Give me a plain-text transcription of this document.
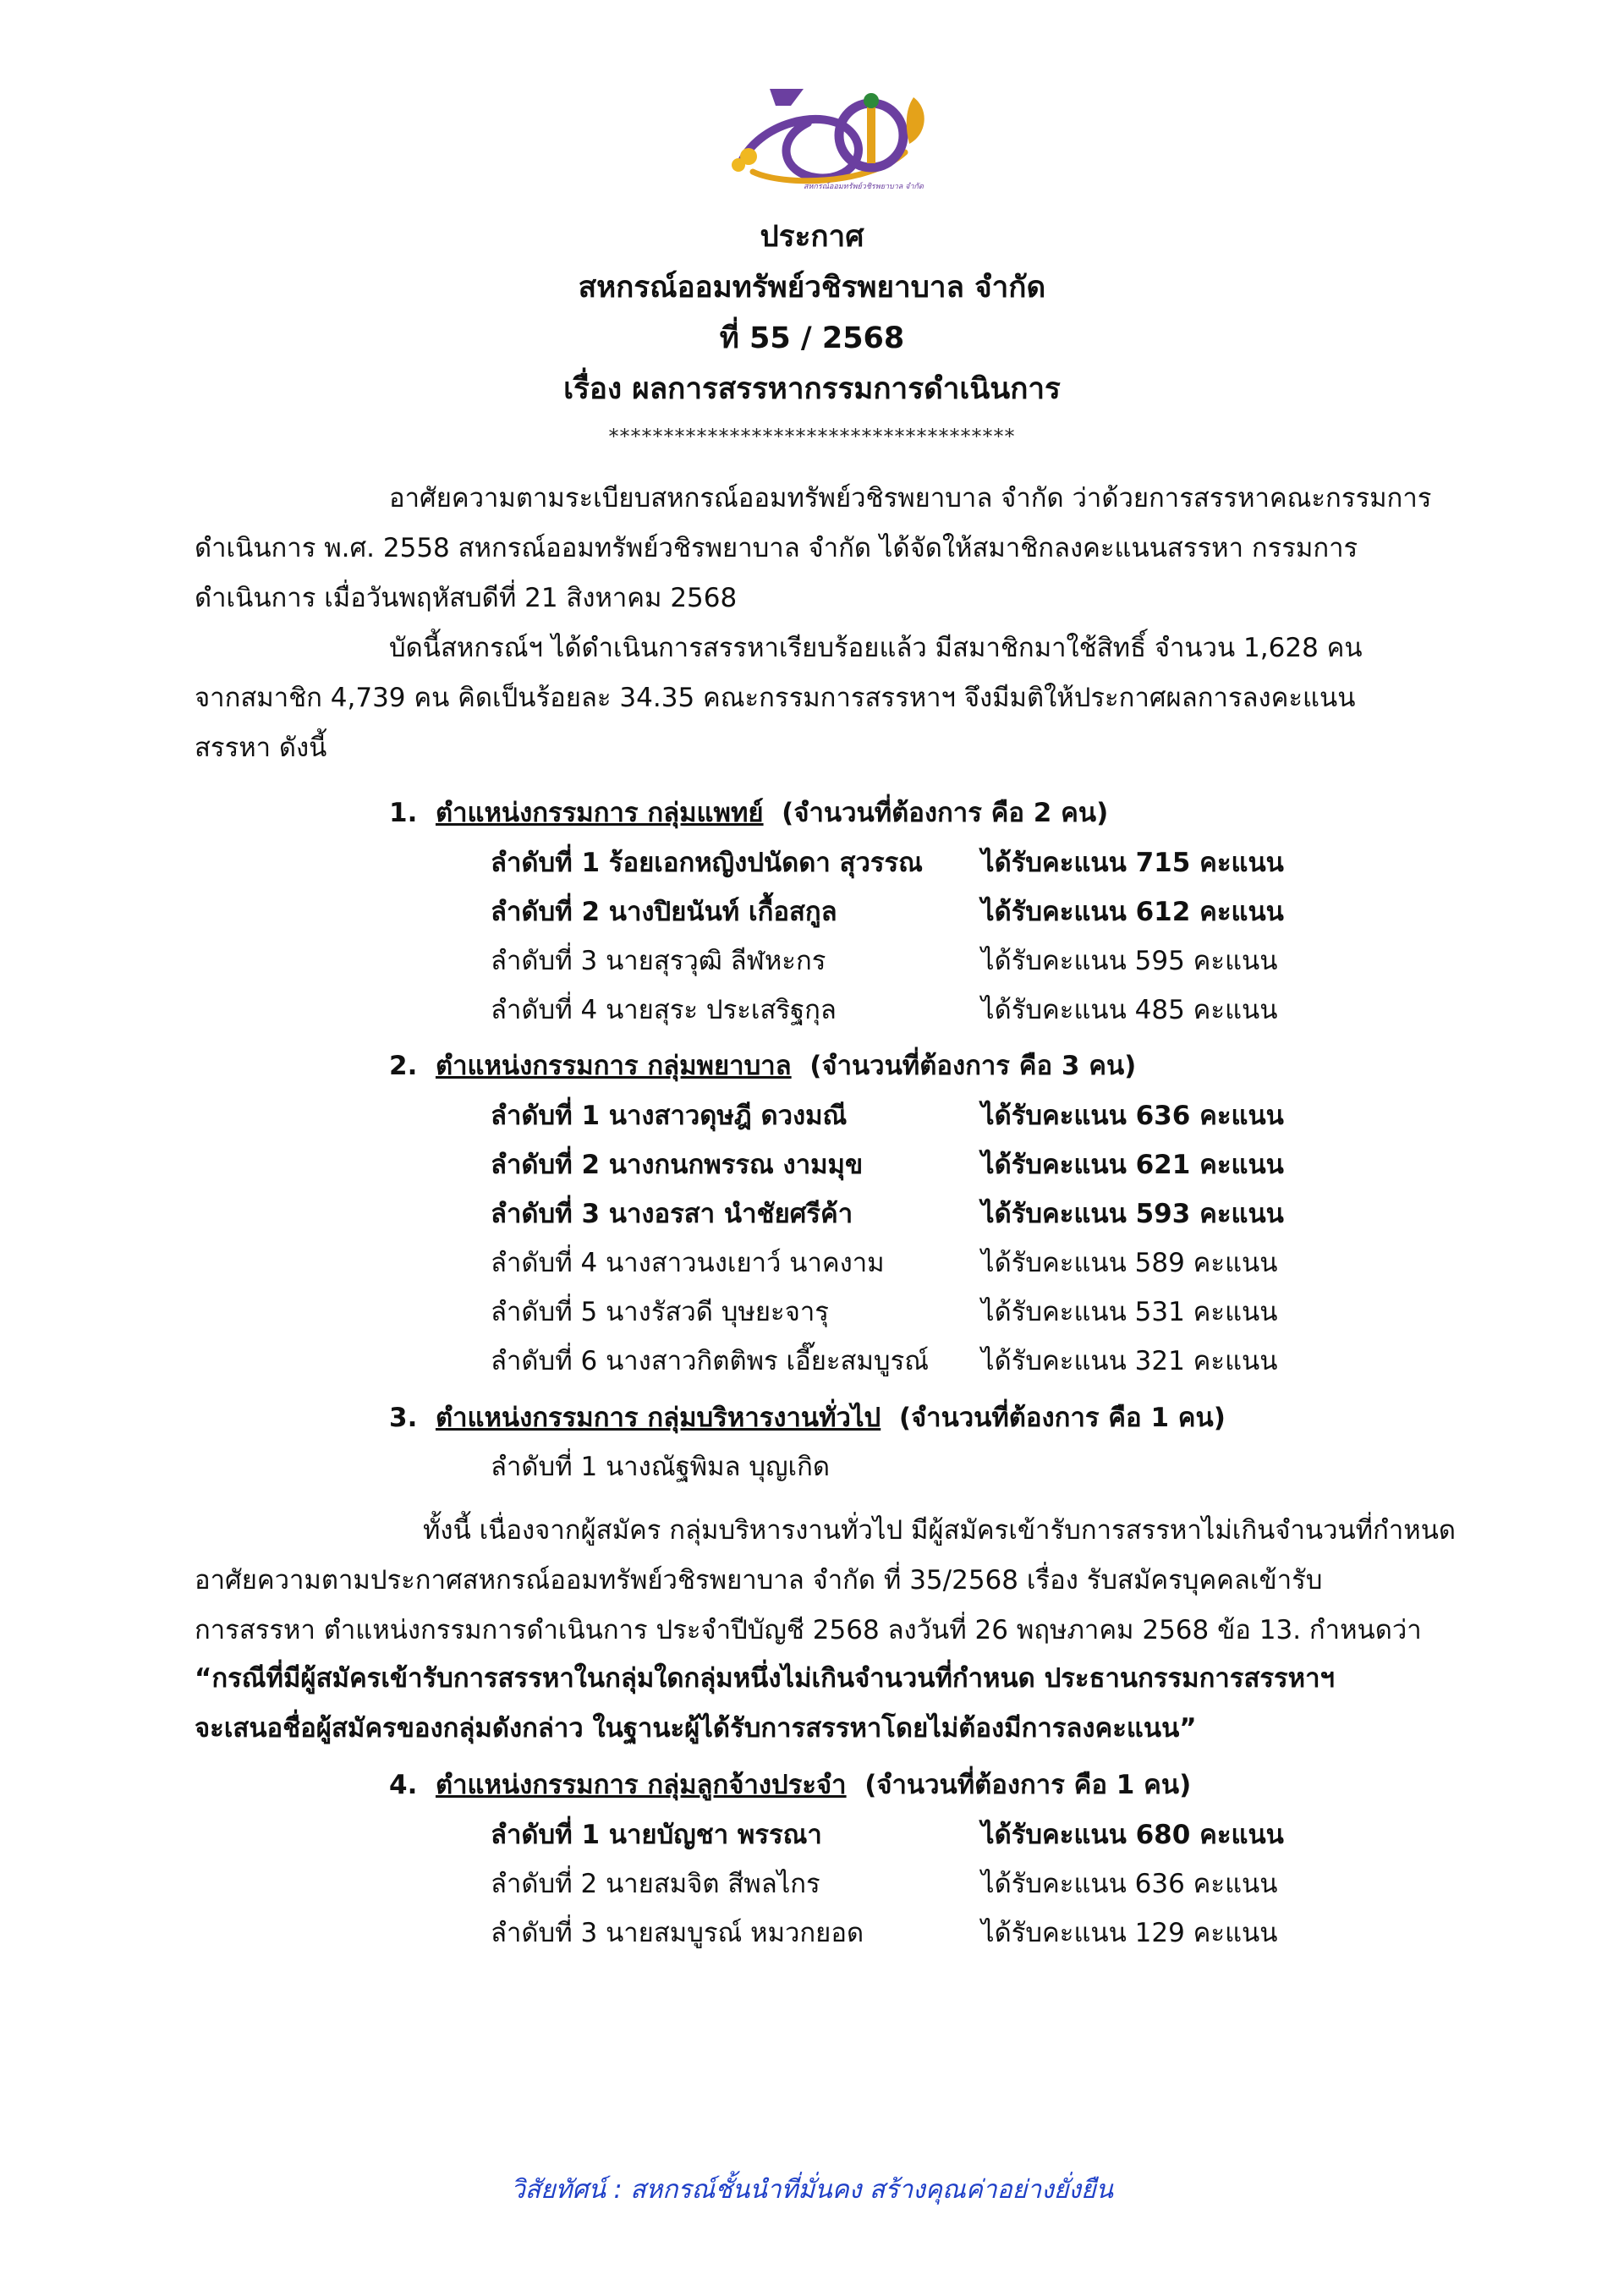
สหกรณ์ออมทรัพย์วชิรพยาบาล จำกัด
ประกาศ
สหกรณ์ออมทรัพย์วชิรพยาบาล จำกัด
ที่ 55 / 2568
เรื่อง ผลการสรรหากรรมการดำเนินการ
*************************************
อาศัยความตามระเบียบสหกรณ์ออมทรัพย์วชิรพยาบาล จำกัด ว่าด้วยการสรรหาคณะกรรมการ
ดำเนินการ พ.ศ. 2558 สหกรณ์ออมทรัพย์วชิรพยาบาล จำกัด ได้จัดให้สมาชิกลงคะแนนสรรหา กรรมการ
ดำเนินการ เมื่อวันพฤหัสบดีที่ 21 สิงหาคม 2568
บัดนี้สหกรณ์ฯ ได้ดำเนินการสรรหาเรียบร้อยแล้ว มีสมาชิกมาใช้สิทธิ์ จำนวน 1,628 คน
จากสมาชิก 4,739 คน คิดเป็นร้อยละ 34.35 คณะกรรมการสรรหาฯ จึงมีมติให้ประกาศผลการลงคะแนน
สรรหา ดังนี้
1. ตำแหน่งกรรมการ กลุ่มแพทย์ (จำนวนที่ต้องการ คือ 2 คน)
ลำดับที่ 1 ร้อยเอกหญิงปนัดดา สุวรรณ ได้รับคะแนน 715 คะแนน
ลำดับที่ 2 นางปิยนันท์ เกื้อสกูล	ได้รับคะแนน 612 คะแนน
ลำดับที่ 3 นายสุรวุฒิ ลีฬหะกร	ได้รับคะแนน 595 คะแนน
ลำดับที่ 4 นายสุระ ประเสริฐกุล	ได้รับคะแนน 485 คะแนน
2. ตำแหน่งกรรมการ กลุ่มพยาบาล (จำนวนที่ต้องการ คือ 3 คน)
ลำดับที่ 1 นางสาวดุษฎี ดวงมณี	ได้รับคะแนน 636 คะแนน
ลำดับที่ 2 นางกนกพรรณ งามมุข	ได้รับคะแนน 621 คะแนน
ลำดับที่ 3 นางอรสา นำชัยศรีค้า	ได้รับคะแนน 593 คะแนน
ลำดับที่ 4 นางสาวนงเยาว์ นาคงาม	ได้รับคะแนน 589 คะแนน
ลำดับที่ 5 นางรัสวดี บุษยะจารุ	ได้รับคะแนน 531 คะแนน
ลำดับที่ 6 นางสาวกิตติพร เอี๊ยะสมบูรณ์ ได้รับคะแนน 321 คะแนน
3. ตำแหน่งกรรมการ กลุ่มบริหารงานทั่วไป (จำนวนที่ต้องการ คือ 1 คน)
ลำดับที่ 1 นางณัฐพิมล บุญเกิด
ทั้งนี้ เนื่องจากผู้สมัคร กลุ่มบริหารงานทั่วไป มีผู้สมัครเข้ารับการสรรหาไม่เกินจำนวนที่กำหนด
อาศัยความตามประกาศสหกรณ์ออมทรัพย์วชิรพยาบาล จำกัด ที่ 35/2568 เรื่อง รับสมัครบุคคลเข้ารับ
การสรรหา ตำแหน่งกรรมการดำเนินการ ประจำปีบัญชี 2568 ลงวันที่ 26 พฤษภาคม 2568 ข้อ 13. กำหนดว่า
“กรณีที่มีผู้สมัครเข้ารับการสรรหาในกลุ่มใดกลุ่มหนึ่งไม่เกินจำนวนที่กำหนด ประธานกรรมการสรรหาฯ
จะเสนอชื่อผู้สมัครของกลุ่มดังกล่าว ในฐานะผู้ได้รับการสรรหาโดยไม่ต้องมีการลงคะแนน”
4. ตำแหน่งกรรมการ กลุ่มลูกจ้างประจำ (จำนวนที่ต้องการ คือ 1 คน)
ลำดับที่ 1 นายบัญชา พรรณา	ได้รับคะแนน 680 คะแนน
ลำดับที่ 2 นายสมจิต สีพลไกร	ได้รับคะแนน 636 คะแนน
ลำดับที่ 3 นายสมบูรณ์ หมวกยอด	ได้รับคะแนน 129 คะแนน
วิสัยทัศน์ : สหกรณ์ชั้นนำที่มั่นคง สร้างคุณค่าอย่างยั่งยืน
